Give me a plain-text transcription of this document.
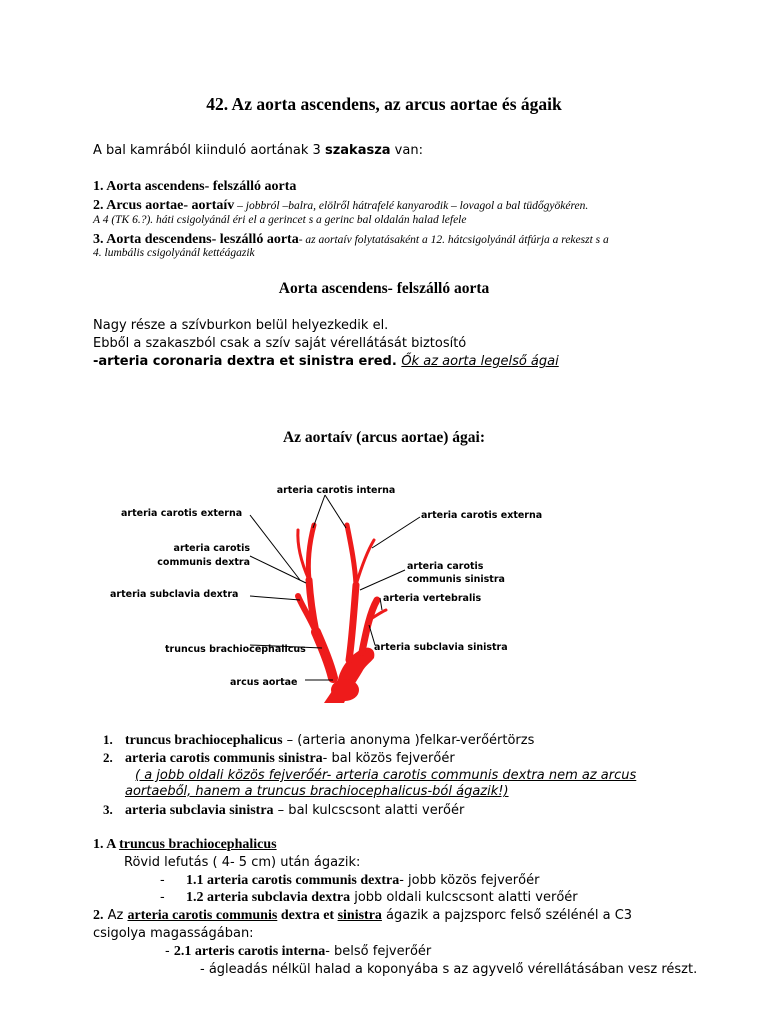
42. Az aorta ascendens, az arcus aortae és ágaik
A bal kamrából kiinduló aortának 3 szakasza van:
1. Aorta ascendens- felszálló aorta
2. Arcus aortae- aortaív – jobbról –balra, elölről hátrafelé kanyarodik – lovagol a bal tüdőgyökéren.
A 4 (TK 6.?). háti csigolyánál éri el a gerincet s a gerinc bal oldalán halad lefele
3. Aorta descendens- leszálló aorta- az aortaív folytatásaként a 12. hátcsigolyánál átfúrja a rekeszt s a
4. lumbális csigolyánál kettéágazik
Aorta ascendens- felszálló aorta
Nagy része a szívburkon belül helyezkedik el.
Ebből a szakaszból csak a szív saját vérellátását biztosító
-arteria coronaria dextra et sinistra ered. Ők az aorta legelső ágai
Az aortaív (arcus aortae) ágai:
arteria carotis interna
arteria carotis externa	arteria carotis externa
arteria carotis
communis dextra	arteria carotis
communis sinistra
arteria subclavia dextra	arteria vertebralis
truncus brachiocephalicus	arteria subclavia sinistra
arcus aortae
1. truncus brachiocephalicus – (arteria anonyma )felkar-verőértörzs
2. arteria carotis communis sinistra- bal közös fejverőér
( a jobb oldali közös fejverőér- arteria carotis communis dextra nem az arcus
aortaeből, hanem a truncus brachiocephalicus-ból ágazik!)
3. arteria subclavia sinistra – bal kulcscsont alatti verőér
1. A truncus brachiocephalicus
Rövid lefutás ( 4- 5 cm) után ágazik:
- 1.1 arteria carotis communis dextra- jobb közös fejverőér
- 1.2 arteria subclavia dextra jobb oldali kulcscsont alatti verőér
2. Az arteria carotis communis dextra et sinistra ágazik a pajzsporc felső szélénél a C3
csigolya magasságában:
- 2.1 arteris carotis interna- belső fejverőér
- ágleadás nélkül halad a koponyába s az agyvelő vérellátásában vesz részt.
